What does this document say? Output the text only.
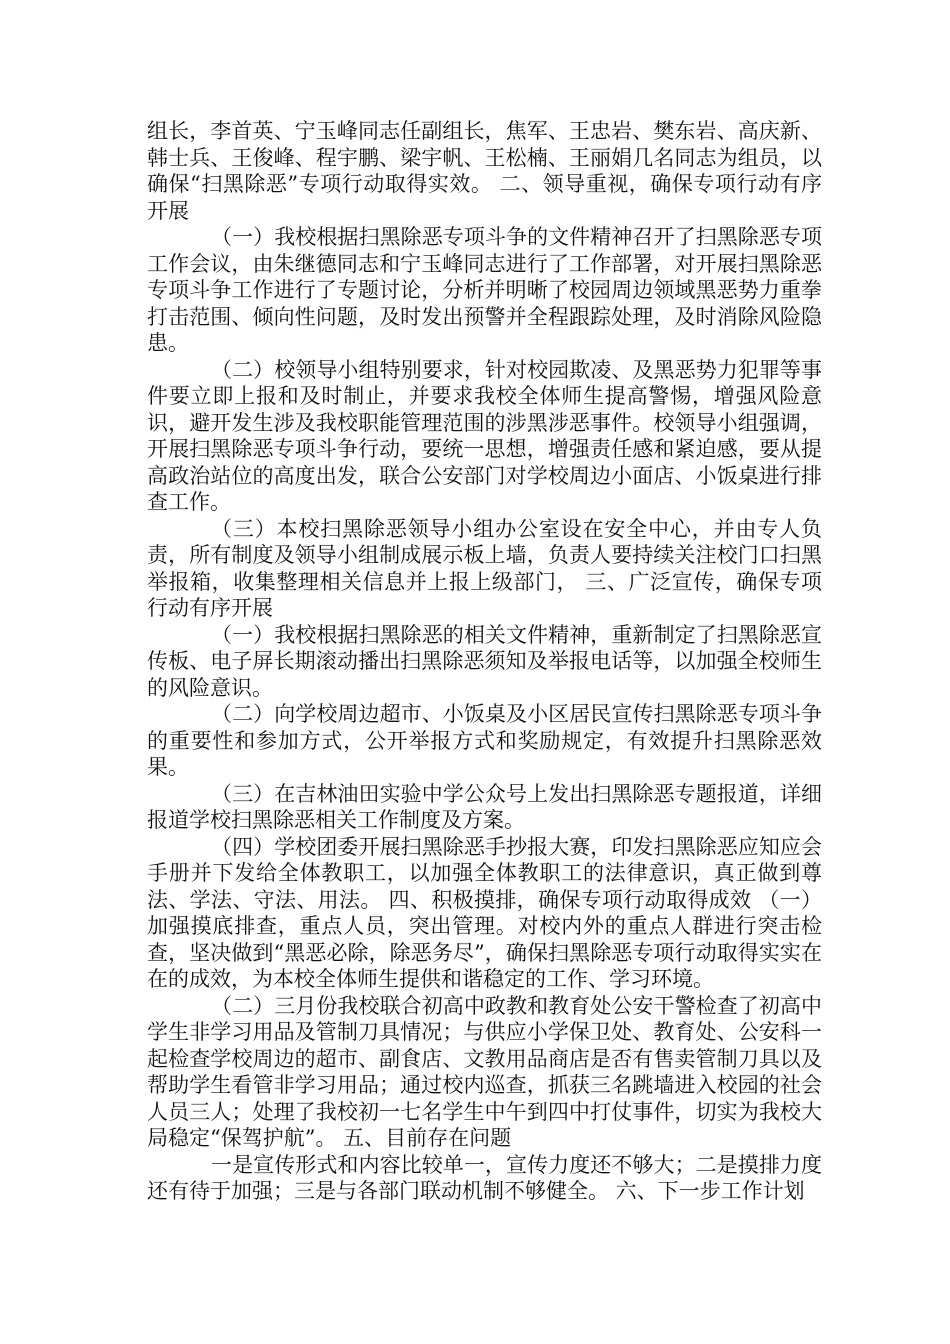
组长，李首英、宁玉峰同志任副组长，焦军、王忠岩、樊东岩、高庆新、韩士兵、王俊峰、程宇鹏、梁宇帆、王松楠、王丽娟几名同志为组员，以确保“扫黑除恶”专项行动取得实效。 二、领导重视，确保专项行动有序开展

（一）我校根据扫黑除恶专项斗争的文件精神召开了扫黑除恶专项工作会议，由朱继德同志和宁玉峰同志进行了工作部署，对开展扫黑除恶专项斗争工作进行了专题讨论，分析并明晰了校园周边领域黑恶势力重拳打击范围、倾向性问题，及时发出预警并全程跟踪处理，及时消除风险隐患。

（二）校领导小组特别要求，针对校园欺凌、及黑恶势力犯罪等事件要立即上报和及时制止，并要求我校全体师生提高警惕，增强风险意识，避开发生涉及我校职能管理范围的涉黑涉恶事件。校领导小组强调，开展扫黑除恶专项斗争行动，要统一思想，增强责任感和紧迫感，要从提高政治站位的高度出发，联合公安部门对学校周边小面店、小饭桌进行排查工作。

（三）本校扫黑除恶领导小组办公室设在安全中心，并由专人负责，所有制度及领导小组制成展示板上墙，负责人要持续关注校门口扫黑举报箱，收集整理相关信息并上报上级部门， 三、广泛宣传，确保专项行动有序开展

（一）我校根据扫黑除恶的相关文件精神，重新制定了扫黑除恶宣传板、电子屏长期滚动播出扫黑除恶须知及举报电话等，以加强全校师生的风险意识。

（二）向学校周边超市、小饭桌及小区居民宣传扫黑除恶专项斗争的重要性和参加方式，公开举报方式和奖励规定，有效提升扫黑除恶效果。

（三）在吉林油田实验中学公众号上发出扫黑除恶专题报道，详细报道学校扫黑除恶相关工作制度及方案。

（四）学校团委开展扫黑除恶手抄报大赛，印发扫黑除恶应知应会手册并下发给全体教职工，以加强全体教职工的法律意识，真正做到尊法、学法、守法、用法。 四、积极摸排，确保专项行动取得成效 （一）加强摸底排查，重点人员，突出管理。对校内外的重点人群进行突击检查，坚决做到“黑恶必除，除恶务尽”，确保扫黑除恶专项行动取得实实在在的成效，为本校全体师生提供和谐稳定的工作、学习环境。

（二）三月份我校联合初高中政教和教育处公安干警检查了初高中学生非学习用品及管制刀具情况；与供应小学保卫处、教育处、公安科一起检查学校周边的超市、副食店、文教用品商店是否有售卖管制刀具以及帮助学生看管非学习用品；通过校内巡查，抓获三名跳墙进入校园的社会人员三人；处理了我校初一七名学生中午到四中打仗事件，切实为我校大局稳定“保驾护航”。 五、目前存在问题

一是宣传形式和内容比较单一，宣传力度还不够大；二是摸排力度还有待于加强；三是与各部门联动机制不够健全。 六、下一步工作计划
